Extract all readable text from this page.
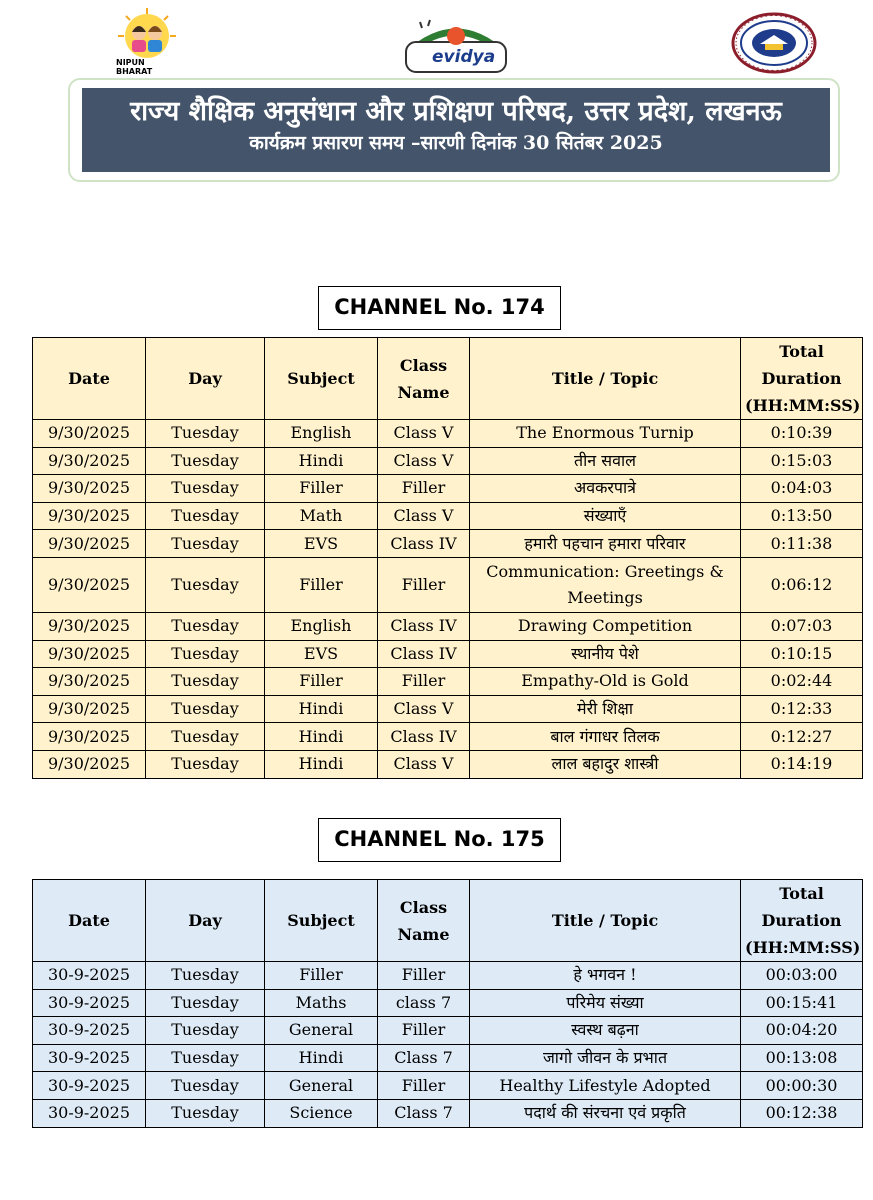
NIPUN BHARAT
evidya
राज्य शैक्षिक अनुसंधान और प्रशिक्षण परिषद, उत्तर प्रदेश, लखनऊ
कार्यक्रम प्रसारण समय –सारणी दिनांक 30 सितंबर 2025
CHANNEL No. 174
Date	Day	Subject	Class Name	Title / Topic	Total Duration (HH:MM:SS)
9/30/2025	Tuesday	English	Class V	The Enormous Turnip	0:10:39
9/30/2025	Tuesday	Hindi	Class V	तीन सवाल	0:15:03
9/30/2025	Tuesday	Filler	Filler	अवकरपात्रे	0:04:03
9/30/2025	Tuesday	Math	Class V	संख्याएँ	0:13:50
9/30/2025	Tuesday	EVS	Class IV	हमारी पहचान हमारा परिवार	0:11:38
9/30/2025	Tuesday	Filler	Filler	Communication: Greetings & Meetings	0:06:12
9/30/2025	Tuesday	English	Class IV	Drawing Competition	0:07:03
9/30/2025	Tuesday	EVS	Class IV	स्थानीय पेशे	0:10:15
9/30/2025	Tuesday	Filler	Filler	Empathy-Old is Gold	0:02:44
9/30/2025	Tuesday	Hindi	Class V	मेरी शिक्षा	0:12:33
9/30/2025	Tuesday	Hindi	Class IV	बाल गंगाधर तिलक	0:12:27
9/30/2025	Tuesday	Hindi	Class V	लाल बहादुर शास्त्री	0:14:19
CHANNEL No. 175
Date	Day	Subject	Class Name	Title / Topic	Total Duration (HH:MM:SS)
30-9-2025	Tuesday	Filler	Filler	हे भगवन !	00:03:00
30-9-2025	Tuesday	Maths	class 7	परिमेय संख्या	00:15:41
30-9-2025	Tuesday	General	Filler	स्वस्थ बढ़ना	00:04:20
30-9-2025	Tuesday	Hindi	Class 7	जागो जीवन के प्रभात	00:13:08
30-9-2025	Tuesday	General	Filler	Healthy Lifestyle Adopted	00:00:30
30-9-2025	Tuesday	Science	Class 7	पदार्थ की संरचना एवं प्रकृति	00:12:38
